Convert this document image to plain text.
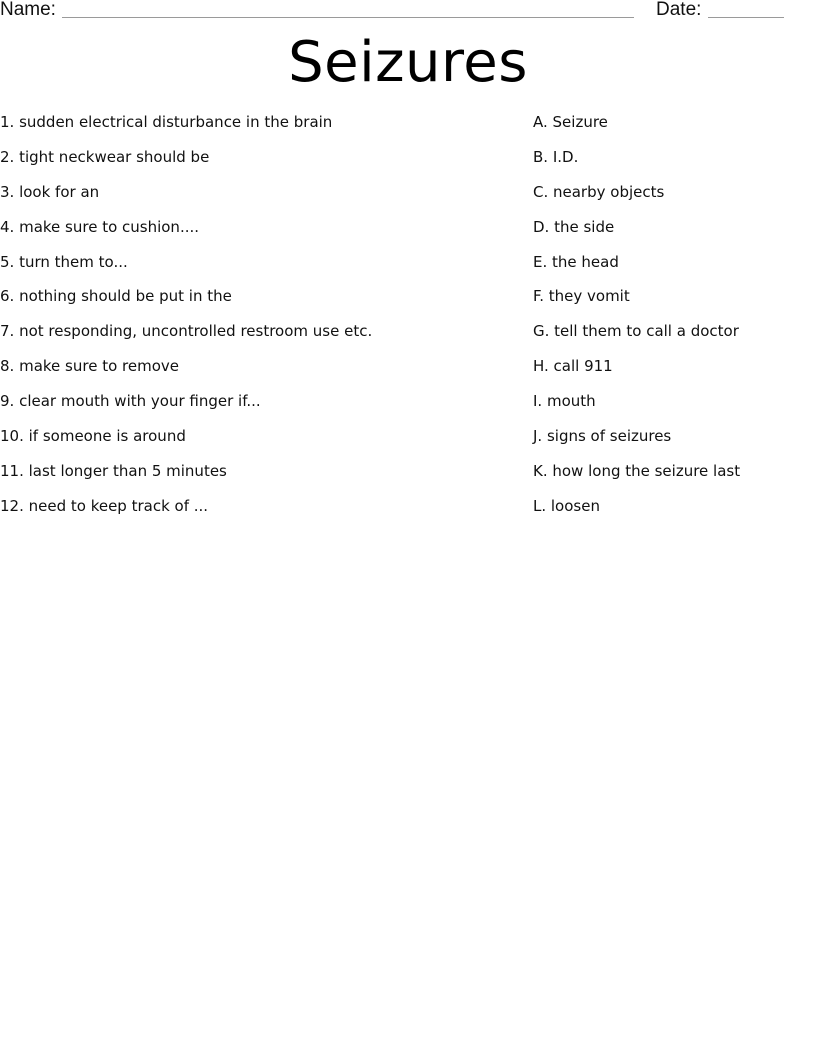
Name:	Date:
Seizures
1. sudden electrical disturbance in the brain
2. tight neckwear should be
3. look for an
4. make sure to cushion....
5. turn them to...
6. nothing should be put in the
7. not responding, uncontrolled restroom use etc.
8. make sure to remove
9. clear mouth with your finger if...
10. if someone is around
11. last longer than 5 minutes
12. need to keep track of ...
A. Seizure
B. I.D.
C. nearby objects
D. the side
E. the head
F. they vomit
G. tell them to call a doctor
H. call 911
I. mouth
J. signs of seizures
K. how long the seizure last
L. loosen
